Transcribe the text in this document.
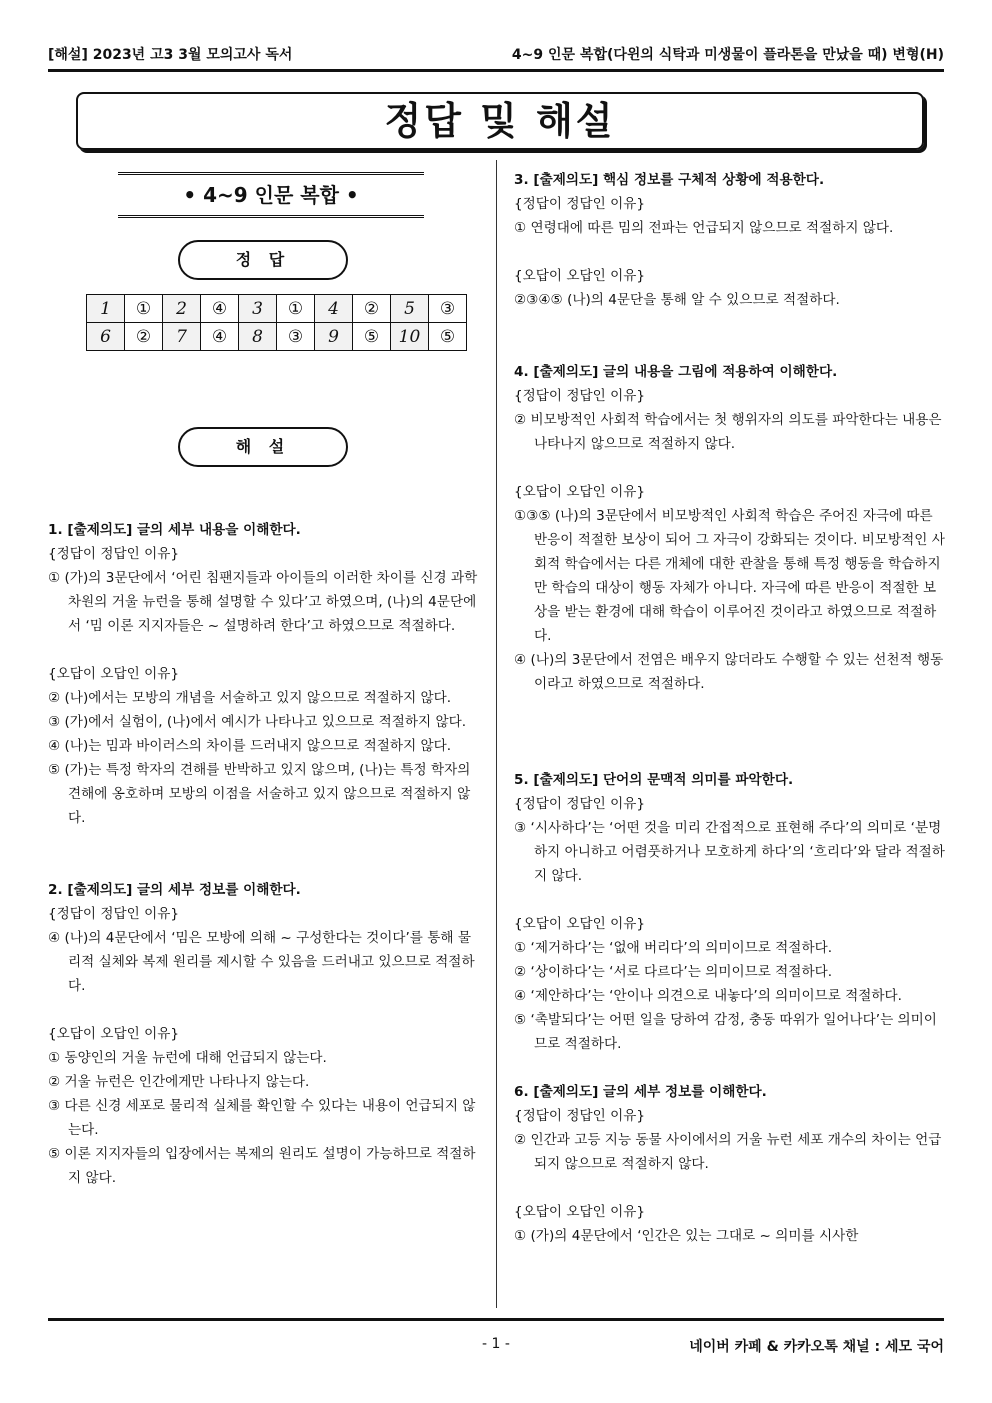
[해설] 2023년 고3 3월 모의고사 독서	4~9 인문 복합(다윈의 식탁과 미생물이 플라톤을 만났을 때) 변형(H)
정답 및 해설
• 4~9 인문 복합 •
정 답
1	①	2	④	3	①	4	②	5	③
6	②	7	④	8	③	9	⑤	10	⑤
해 설

1. [출제의도] 글의 세부 내용을 이해한다.

{정답이 정답인 이유}

① (가)의 3문단에서 ‘어린 침팬지들과 아이들의 이러한 차이를 신경 과학 차원의 거울 뉴런을 통해 설명할 수 있다’고 하였으며, (나)의 4문단에서 ‘밈 이론 지지자들은 ~ 설명하려 한다’고 하였으므로 적절하다.

{오답이 오답인 이유}

② (나)에서는 모방의 개념을 서술하고 있지 않으므로 적절하지 않다.

③ (가)에서 실험이, (나)에서 예시가 나타나고 있으므로 적절하지 않다.

④ (나)는 밈과 바이러스의 차이를 드러내지 않으므로 적절하지 않다.

⑤ (가)는 특정 학자의 견해를 반박하고 있지 않으며, (나)는 특정 학자의 견해에 옹호하며 모방의 이점을 서술하고 있지 않으므로 적절하지 않다.

2. [출제의도] 글의 세부 정보를 이해한다.

{정답이 정답인 이유}

④ (나)의 4문단에서 ‘밈은 모방에 의해 ~ 구성한다는 것이다’를 통해 물리적 실체와 복제 원리를 제시할 수 있음을 드러내고 있으므로 적절하다.

{오답이 오답인 이유}

① 동양인의 거울 뉴런에 대해 언급되지 않는다.

② 거울 뉴런은 인간에게만 나타나지 않는다.

③ 다른 신경 세포로 물리적 실체를 확인할 수 있다는 내용이 언급되지 않는다.

⑤ 이론 지지자들의 입장에서는 복제의 원리도 설명이 가능하므로 적절하지 않다.

3. [출제의도] 핵심 정보를 구체적 상황에 적용한다.

{정답이 정답인 이유}

① 연령대에 따른 밈의 전파는 언급되지 않으므로 적절하지 않다.

{오답이 오답인 이유}

②③④⑤ (나)의 4문단을 통해 알 수 있으므로 적절하다.

4. [출제의도] 글의 내용을 그림에 적용하여 이해한다.

{정답이 정답인 이유}

② 비모방적인 사회적 학습에서는 첫 행위자의 의도를 파악한다는 내용은 나타나지 않으므로 적절하지 않다.

{오답이 오답인 이유}

①③⑤ (나)의 3문단에서 비모방적인 사회적 학습은 주어진 자극에 따른 반응이 적절한 보상이 되어 그 자극이 강화되는 것이다. 비모방적인 사회적 학습에서는 다른 개체에 대한 관찰을 통해 특정 행동을 학습하지만 학습의 대상이 행동 자체가 아니다. 자극에 따른 반응이 적절한 보상을 받는 환경에 대해 학습이 이루어진 것이라고 하였으므로 적절하다.

④ (나)의 3문단에서 전염은 배우지 않더라도 수행할 수 있는 선천적 행동이라고 하였으므로 적절하다.

5. [출제의도] 단어의 문맥적 의미를 파악한다.

{정답이 정답인 이유}

③ ‘시사하다’는 ‘어떤 것을 미리 간접적으로 표현해 주다’의 의미로 ‘분명하지 아니하고 어렴풋하거나 모호하게 하다’의 ‘흐리다’와 달라 적절하지 않다.

{오답이 오답인 이유}

① ‘제거하다’는 ‘없애 버리다’의 의미이므로 적절하다.

② ‘상이하다’는 ‘서로 다르다’는 의미이므로 적절하다.

④ ‘제안하다’는 ‘안이나 의견으로 내놓다’의 의미이므로 적절하다.

⑤ ‘촉발되다’는 어떤 일을 당하여 감정, 충동 따위가 일어나다’는 의미이므로 적절하다.

6. [출제의도] 글의 세부 정보를 이해한다.

{정답이 정답인 이유}

② 인간과 고등 지능 동물 사이에서의 거울 뉴런 세포 개수의 차이는 언급되지 않으므로 적절하지 않다.

{오답이 오답인 이유}

① (가)의 4문단에서 ‘인간은 있는 그대로 ~ 의미를 시사한

- 1 -	네이버 카페 & 카카오톡 채널 : 세모 국어
